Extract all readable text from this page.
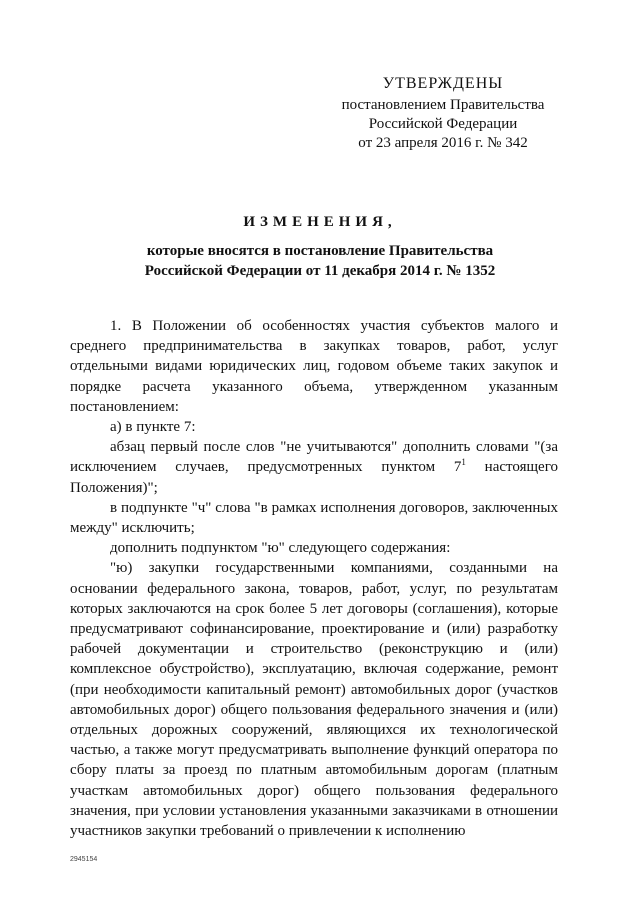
УТВЕРЖДЕНЫ
постановлением Правительства
Российской Федерации
от 23 апреля 2016 г. № 342
ИЗМЕНЕНИЯ,
которые вносятся в постановление Правительства
Российской Федерации от 11 декабря 2014 г. № 1352

1. В Положении об особенностях участия субъектов малого и среднего предпринимательства в закупках товаров, работ, услуг отдельными видами юридических лиц, годовом объеме таких закупок и порядке расчета указанного объема, утвержденном указанным постановлением:

а) в пункте 7:

абзац первый после слов "не учитываются" дополнить словами "(за исключением случаев, предусмотренных пунктом $7^1$ настоящего Положения)";

в подпункте "ч" слова "в рамках исполнения договоров, заключенных между" исключить;

дополнить подпунктом "ю" следующего содержания:

"ю) закупки государственными компаниями, созданными на основании федерального закона, товаров, работ, услуг, по результатам которых заключаются на срок более 5 лет договоры (соглашения), которые предусматривают софинансирование, проектирование и (или) разработку рабочей документации и строительство (реконструкцию и (или) комплексное обустройство), эксплуатацию, включая содержание, ремонт (при необходимости капитальный ремонт) автомобильных дорог (участков автомобильных дорог) общего пользования федерального значения и (или) отдельных дорожных сооружений, являющихся их технологической частью, а также могут предусматривать выполнение функций оператора по сбору платы за проезд по платным автомобильным дорогам (платным участкам автомобильных дорог) общего пользования федерального значения, при условии установления указанными заказчиками в отношении участников закупки требований о привлечении к исполнению

2945154
